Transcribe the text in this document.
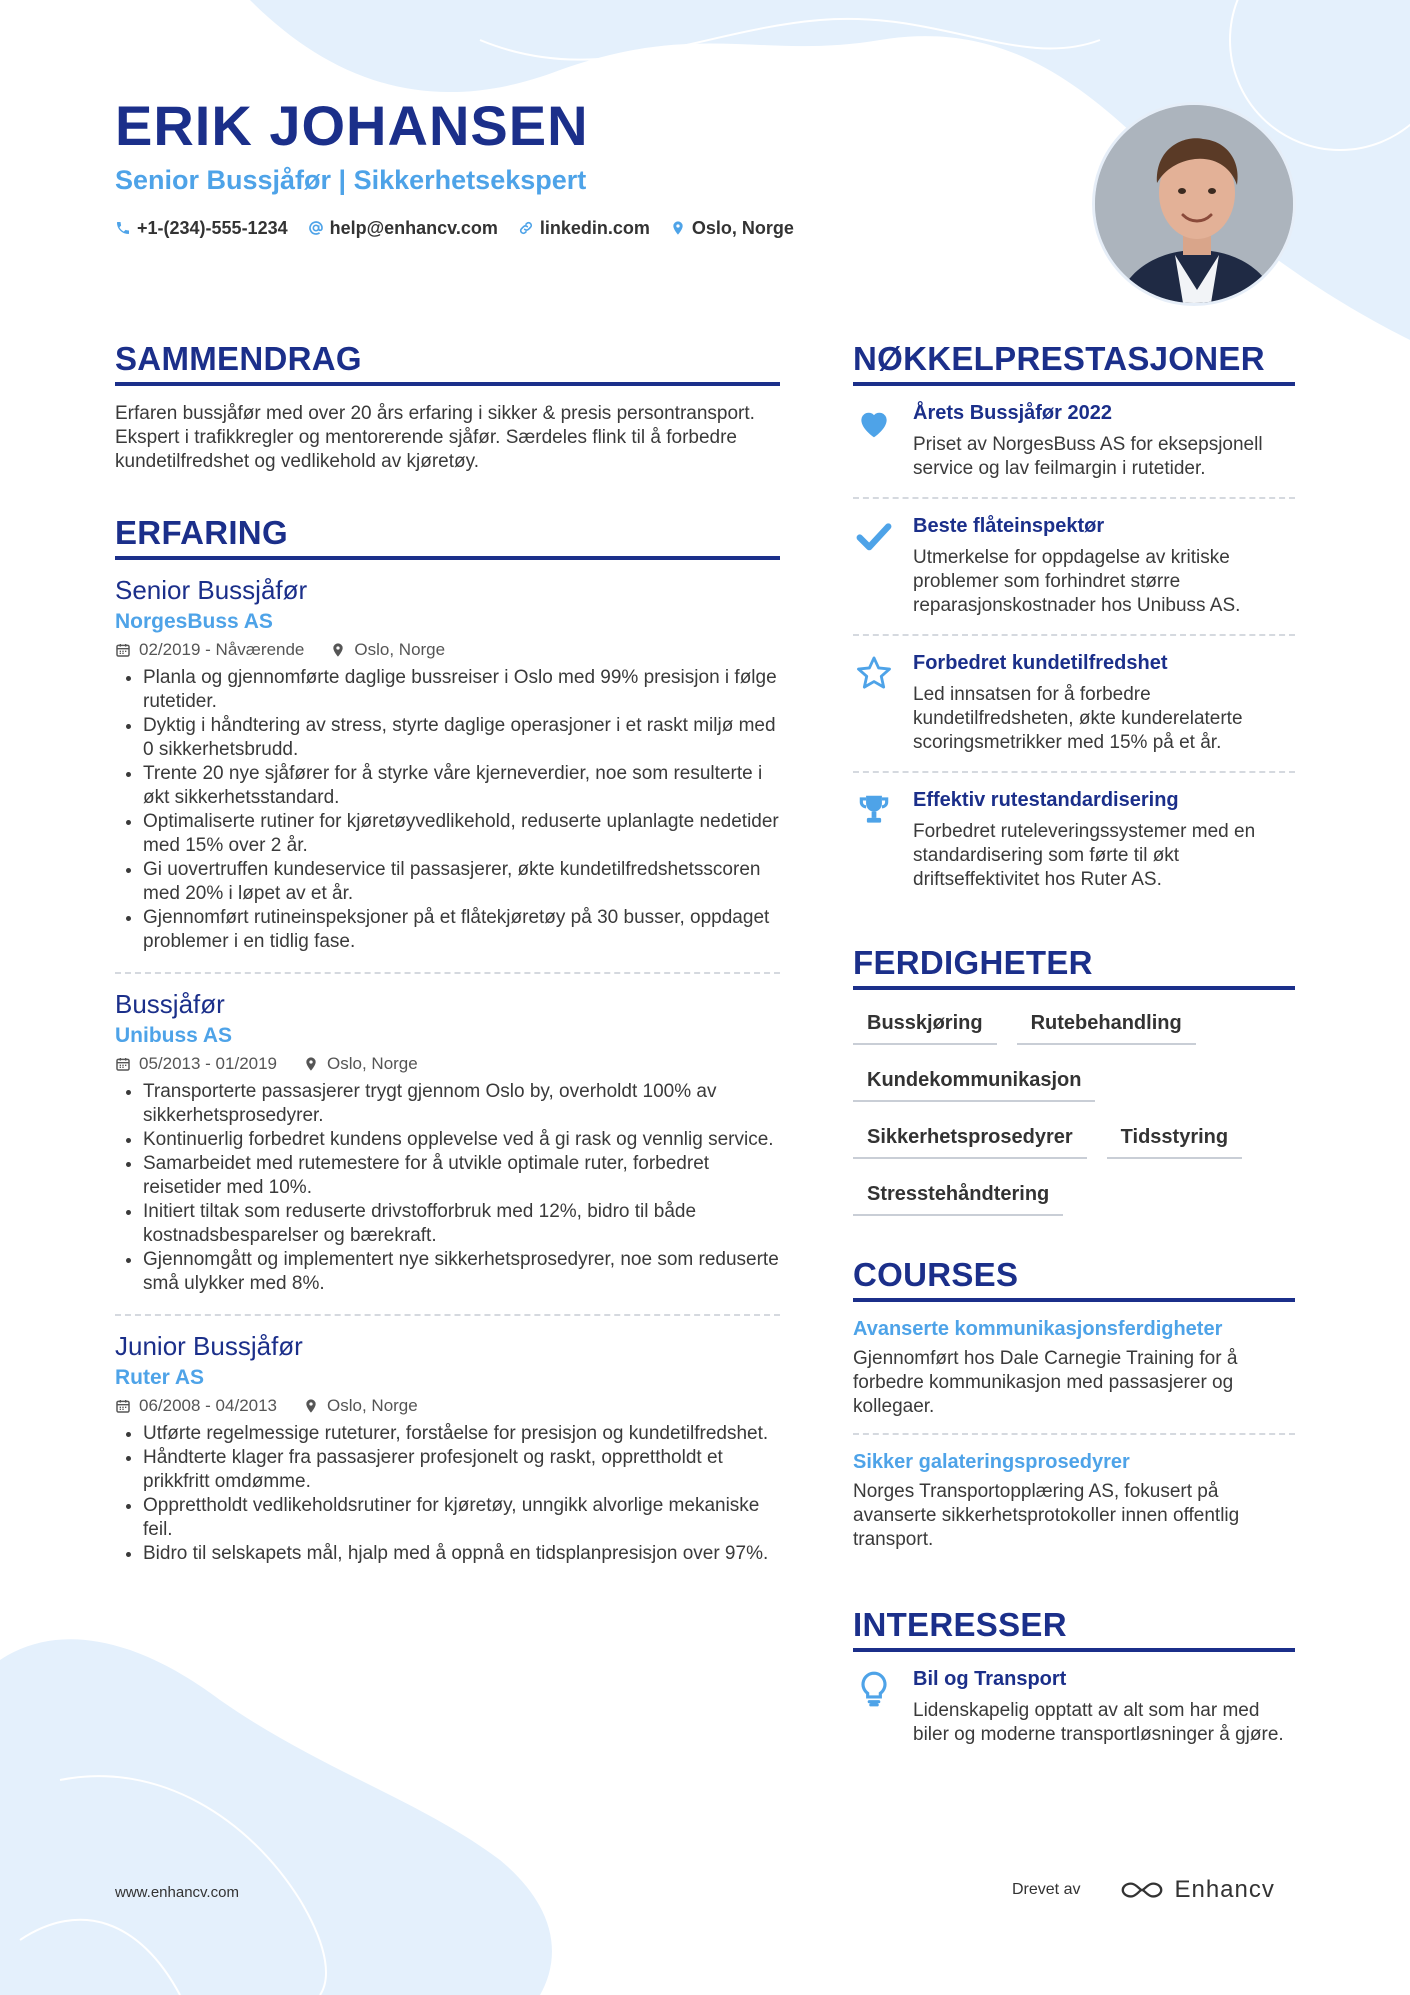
ERIK JOHANSEN
Senior Bussjåfør | Sikkerhetsekspert
+1-(234)-555-1234 help@enhancv.com linkedin.com Oslo, Norge
SAMMENDRAG

Erfaren bussjåfør med over 20 års erfaring i sikker & presis persontransport. Ekspert i trafikkregler og mentorerende sjåfør. Særdeles flink til å forbedre kundetilfredshet og vedlikehold av kjøretøy.

ERFARING
Senior Bussjåfør
NorgesBuss AS
02/2019 - Nåværende	Oslo, Norge
• Planla og gjennomførte daglige bussreiser i Oslo med 99% presisjon i følge rutetider.
• Dyktig i håndtering av stress, styrte daglige operasjoner i et raskt miljø med 0 sikkerhetsbrudd.
• Trente 20 nye sjåfører for å styrke våre kjerneverdier, noe som resulterte i økt sikkerhetsstandard.
• Optimaliserte rutiner for kjøretøyvedlikehold, reduserte uplanlagte nedetider med 15% over 2 år.
• Gi uovertruffen kundeservice til passasjerer, økte kundetilfredshetsscoren med 20% i løpet av et år.
• Gjennomført rutineinspeksjoner på et flåtekjøretøy på 30 busser, oppdaget problemer i en tidlig fase.
Bussjåfør
Unibuss AS
05/2013 - 01/2019	Oslo, Norge
• Transporterte passasjerer trygt gjennom Oslo by, overholdt 100% av sikkerhetsprosedyrer.
• Kontinuerlig forbedret kundens opplevelse ved å gi rask og vennlig service.
• Samarbeidet med rutemestere for å utvikle optimale ruter, forbedret reisetider med 10%.
• Initiert tiltak som reduserte drivstofforbruk med 12%, bidro til både kostnadsbesparelser og bærekraft.
• Gjennomgått og implementert nye sikkerhetsprosedyrer, noe som reduserte små ulykker med 8%.
Junior Bussjåfør
Ruter AS
06/2008 - 04/2013	Oslo, Norge
• Utførte regelmessige ruteturer, forståelse for presisjon og kundetilfredshet.
• Håndterte klager fra passasjerer profesjonelt og raskt, opprettholdt et prikkfritt omdømme.
• Opprettholdt vedlikeholdsrutiner for kjøretøy, unngikk alvorlige mekaniske feil.
• Bidro til selskapets mål, hjalp med å oppnå en tidsplanpresisjon over 97%.
NØKKELPRESTASJONER
Årets Bussjåfør 2022
Priset av NorgesBuss AS for eksepsjonell service og lav feilmargin i rutetider.
Beste flåteinspektør
Utmerkelse for oppdagelse av kritiske problemer som forhindret større reparasjonskostnader hos Unibuss AS.
Forbedret kundetilfredshet
Led innsatsen for å forbedre kundetilfredsheten, økte kunderelaterte scoringsmetrikker med 15% på et år.
Effektiv rutestandardisering
Forbedret ruteleveringssystemer med en standardisering som førte til økt driftseffektivitet hos Ruter AS.
FERDIGHETER
Busskjøring	Rutebehandling
Kundekommunikasjon
Sikkerhetsprosedyrer	Tidsstyring
Stresstehåndtering
COURSES
Avanserte kommunikasjonsferdigheter
Gjennomført hos Dale Carnegie Training for å forbedre kommunikasjon med passasjerer og kollegaer.
Sikker galateringsprosedyrer
Norges Transportopplæring AS, fokusert på avanserte sikkerhetsprotokoller innen offentlig transport.
INTERESSER
Bil og Transport
Lidenskapelig opptatt av alt som har med biler og moderne transportløsninger å gjøre.
www.enhancv.com	Drevet av	Enhancv
